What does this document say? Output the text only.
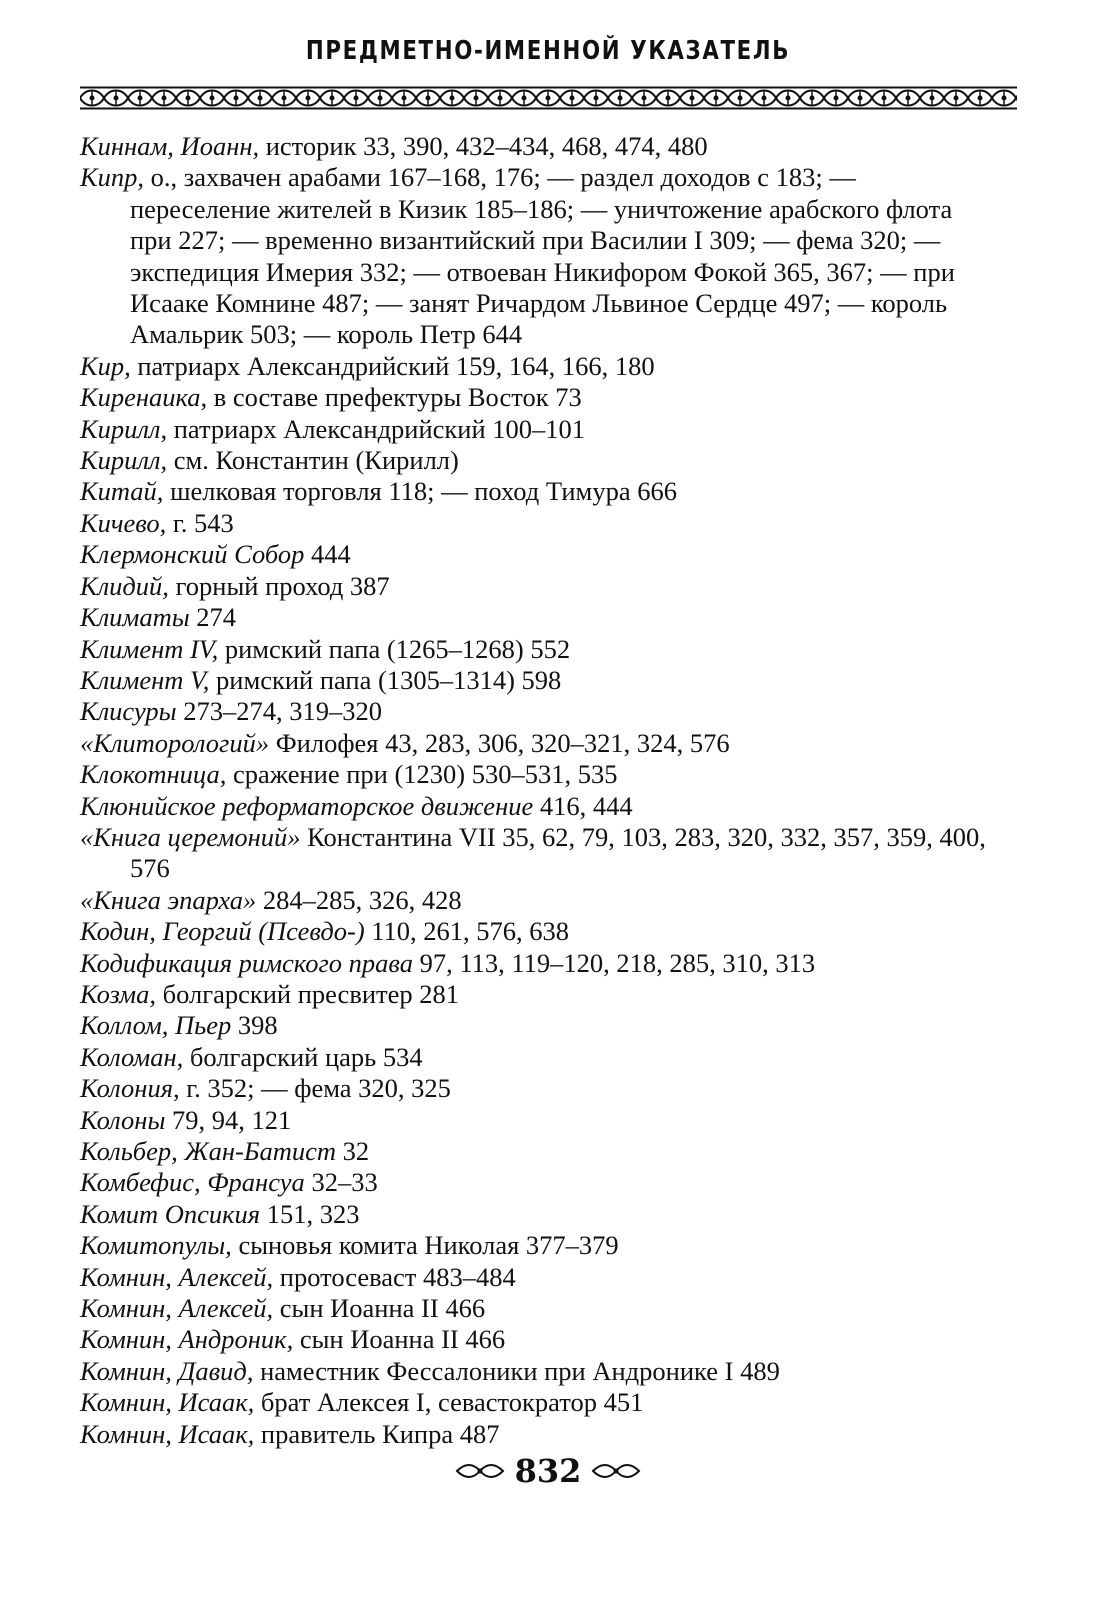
ПРЕДМЕТНО-ИМЕННОЙ УКАЗАТЕЛЬ
Киннам, Иоанн, историк 33, 390, 432–434, 468, 474, 480
Кипр, о., захвачен арабами 167–168, 176; — раздел доходов с 183; — переселение жителей в Кизик 185–186; — уничтожение арабского флота при 227; — временно византийский при Василии I 309; — фема 320; — экспедиция Имерия 332; — отвоеван Никифором Фокой 365, 367; — при Исааке Комнине 487; — занят Ричардом Львиное Сердце 497; — король Амальрик 503; — король Петр 644
Кир, патриарх Александрийский 159, 164, 166, 180
Киренаика, в составе префектуры Восток 73
Кирилл, патриарх Александрийский 100–101
Кирилл, см. Константин (Кирилл)
Китай, шелковая торговля 118; — поход Тимура 666
Кичево, г. 543
Клермонский Собор 444
Клидий, горный проход 387
Климаты 274
Климент IV, римский папа (1265–1268) 552
Климент V, римский папа (1305–1314) 598
Клисуры 273–274, 319–320
«Клиторологий» Филофея 43, 283, 306, 320–321, 324, 576
Клокотница, сражение при (1230) 530–531, 535
Клюнийское реформаторское движение 416, 444
«Книга церемоний» Константина VII 35, 62, 79, 103, 283, 320, 332, 357, 359, 400, 576
«Книга эпарха» 284–285, 326, 428
Кодин, Георгий (Псевдо-) 110, 261, 576, 638
Кодификация римского права 97, 113, 119–120, 218, 285, 310, 313
Козма, болгарский пресвитер 281
Коллом, Пьер 398
Коломан, болгарский царь 534
Колония, г. 352; — фема 320, 325
Колоны 79, 94, 121
Кольбер, Жан-Батист 32
Комбефис, Франсуа 32–33
Комит Опсикия 151, 323
Комитопулы, сыновья комита Николая 377–379
Комнин, Алексей, протосеваст 483–484
Комнин, Алексей, сын Иоанна II 466
Комнин, Андроник, сын Иоанна II 466
Комнин, Давид, наместник Фессалоники при Андронике I 489
Комнин, Исаак, брат Алексея I, севастократор 451
Комнин, Исаак, правитель Кипра 487
832
